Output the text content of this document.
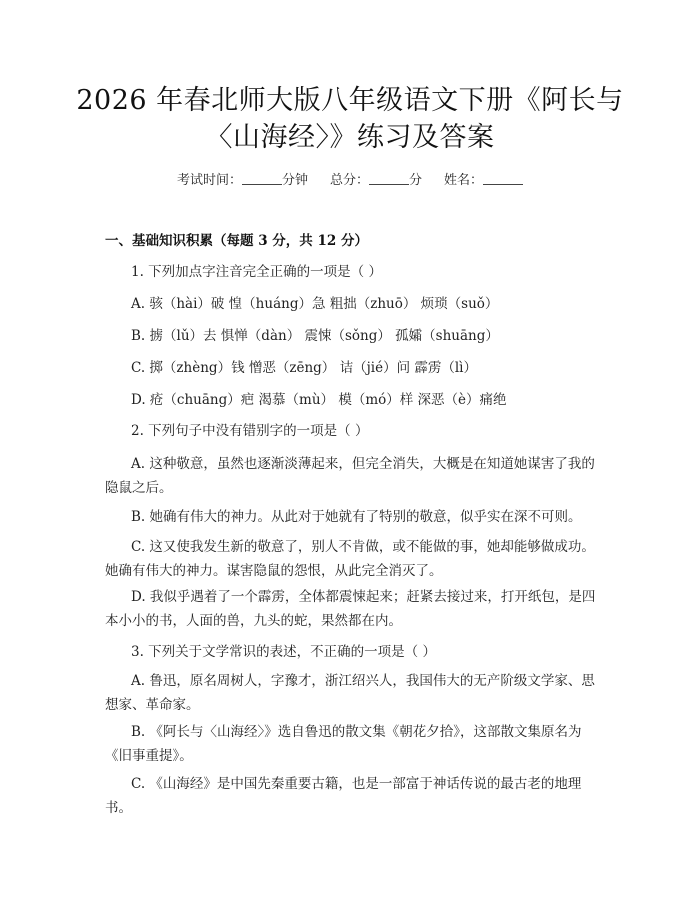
2026 年春北师大版八年级语文下册《阿长与
〈山海经〉》练习及答案
考试时间：	分钟 总分：	分 姓名：
一、基础知识积累（每题 3 分，共 12 分）
1. 下列加点字注音完全正确的一项是（ ）
A. 骇（hài）破 惶（huáng）急 粗拙（zhuō） 烦琐（suǒ）
B. 掳（lǔ）去 惧惮（dàn） 震悚（sǒng） 孤孀（shuāng）
C. 掷（zhèng）钱 憎恶（zēng） 诘（jié）问 霹雳（lì）
D. 疮（chuāng）疤 渴慕（mù） 模（mó）样 深恶（è）痛绝
2. 下列句子中没有错别字的一项是（ ）
A. 这种敬意，虽然也逐渐淡薄起来，但完全消失，大概是在知道她谋害了我的隐鼠之后。
B. 她确有伟大的神力。从此对于她就有了特别的敬意，似乎实在深不可则。
C. 这又使我发生新的敬意了，别人不肯做，或不能做的事，她却能够做成功。她确有伟大的神力。谋害隐鼠的怨恨，从此完全消灭了。
D. 我似乎遇着了一个霹雳，全体都震悚起来；赶紧去接过来，打开纸包，是四本小小的书，人面的兽，九头的蛇，果然都在内。
3. 下列关于文学常识的表述，不正确的一项是（ ）
A. 鲁迅，原名周树人，字豫才，浙江绍兴人，我国伟大的无产阶级文学家、思想家、革命家。
B. 《阿长与〈山海经〉》选自鲁迅的散文集《朝花夕拾》，这部散文集原名为《旧事重提》。
C. 《山海经》是中国先秦重要古籍，也是一部富于神话传说的最古老的地理书。
